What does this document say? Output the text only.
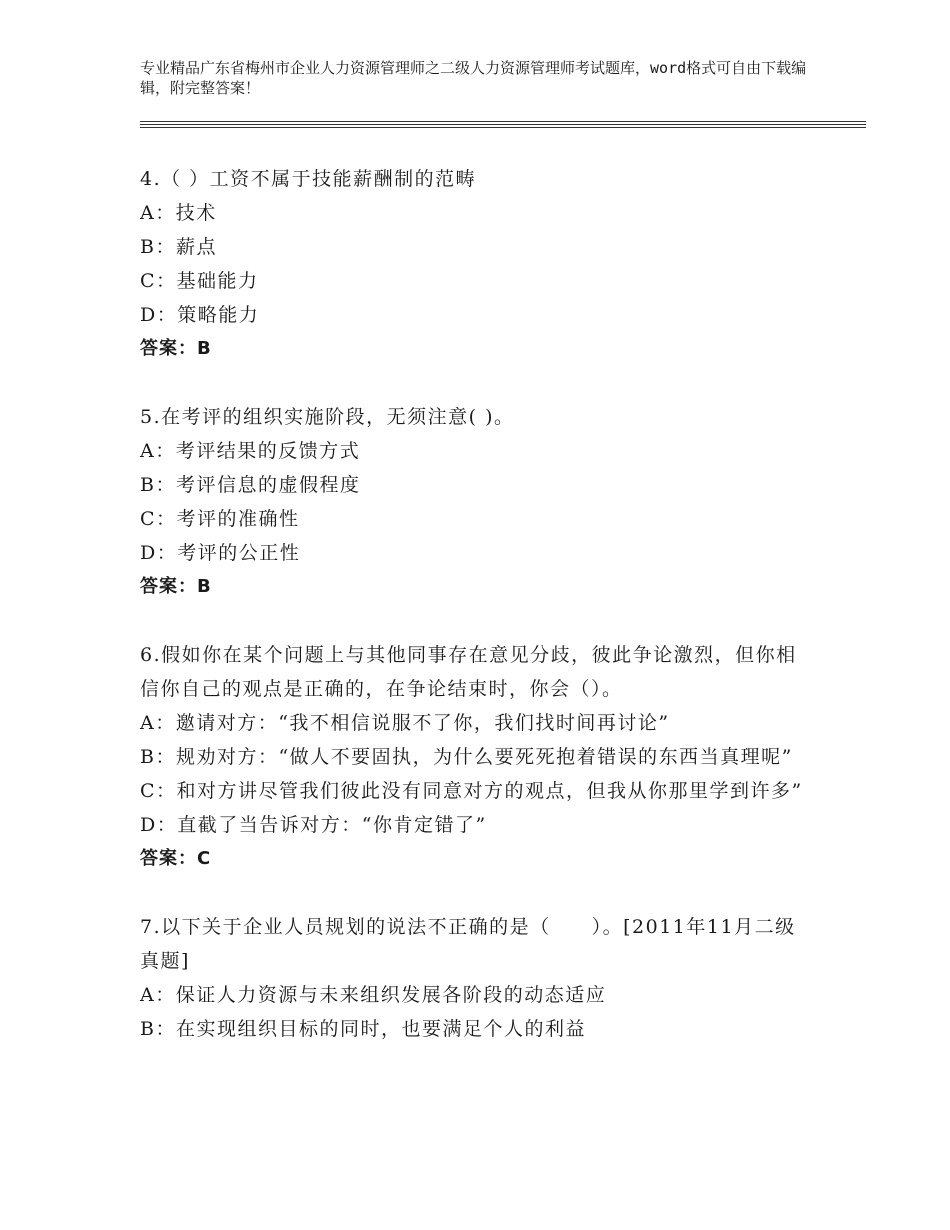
专业精品广东省梅州市企业人力资源管理师之二级人力资源管理师考试题库，word格式可自由下载编辑，附完整答案！
4.（ ）工资不属于技能薪酬制的范畴
A：技术
B：薪点
C：基础能力
D：策略能力
答案：B
5.在考评的组织实施阶段，无须注意( )。
A：考评结果的反馈方式
B：考评信息的虚假程度
C：考评的准确性
D：考评的公正性
答案：B
6.假如你在某个问题上与其他同事存在意见分歧，彼此争论激烈，但你相信你自己的观点是正确的，在争论结束时，你会（）。
A：邀请对方：“我不相信说服不了你，我们找时间再讨论”
B：规劝对方：“做人不要固执，为什么要死死抱着错误的东西当真理呢”
C：和对方讲尽管我们彼此没有同意对方的观点，但我从你那里学到许多”
D：直截了当告诉对方：“你肯定错了”
答案：C
7.以下关于企业人员规划的说法不正确的是（　　）。[2011年11月二级真题]
A：保证人力资源与未来组织发展各阶段的动态适应
B：在实现组织目标的同时，也要满足个人的利益
